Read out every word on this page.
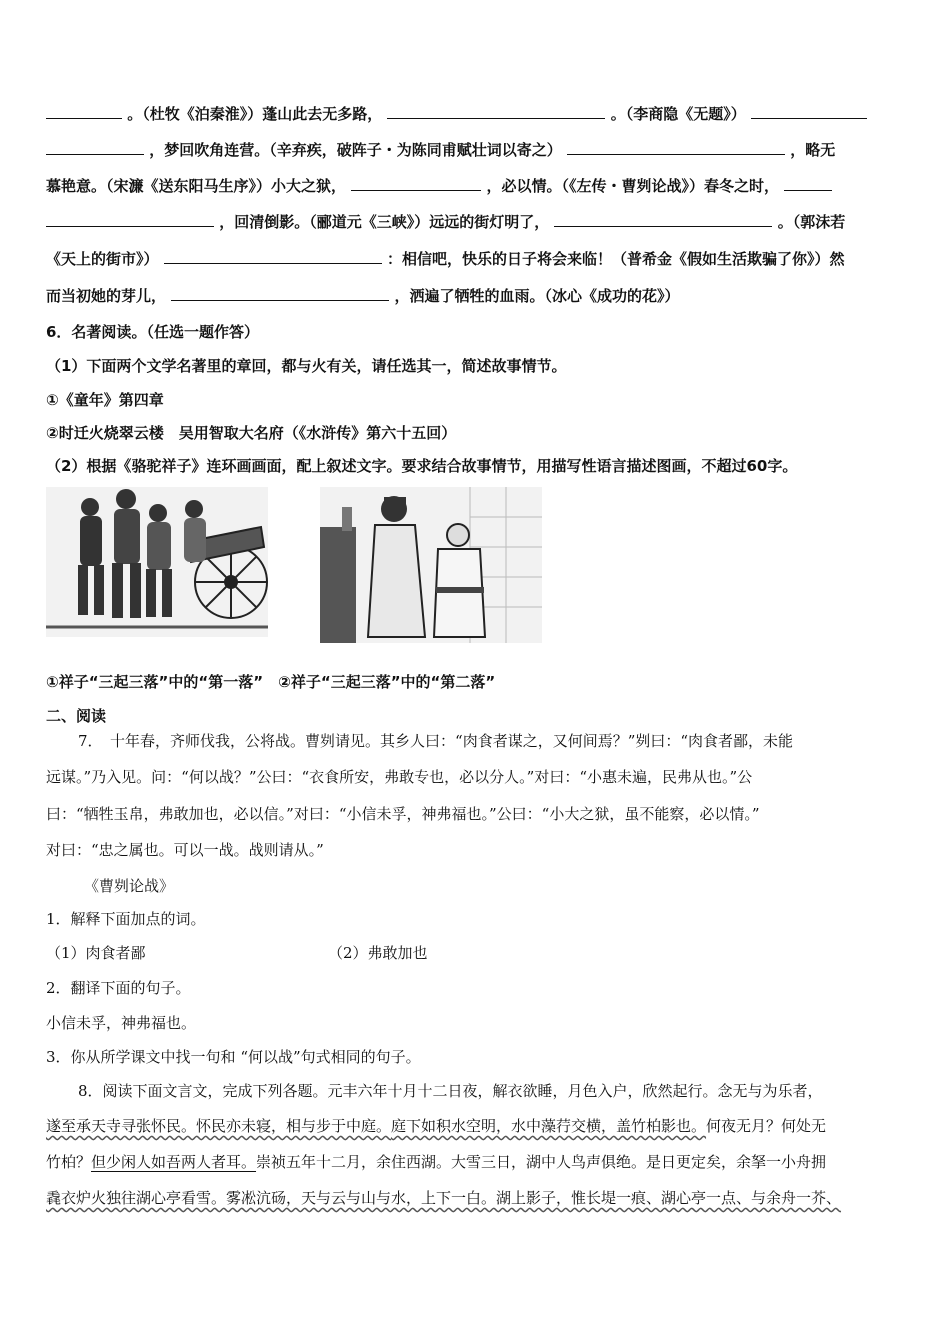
。（杜牧《泊秦淮》）蓬山此去无多路，	。（李商隐《无题》）
，梦回吹角连营。（辛弃疾，破阵子・为陈同甫赋壮词以寄之）	，略无
慕艳意。（宋濂《送东阳马生序》）小大之狱，	，必以情。（《左传・曹刿论战》）春冬之时，
，回清倒影。（郦道元《三峡》）远远的街灯明了，	。（郭沫若
《天上的街市》）	：相信吧，快乐的日子将会来临！（普希金《假如生活欺骗了你》）然
而当初她的芽儿，	，洒遍了牺牲的血雨。（冰心《成功的花》）
6．名著阅读。（任选一题作答）
（1）下面两个文学名著里的章回，都与火有关，请任选其一，简述故事情节。
①《童年》第四章
②时迁火烧翠云楼　吴用智取大名府（《水浒传》第六十五回）
（2）根据《骆驼祥子》连环画画面，配上叙述文字。要求结合故事情节，用描写性语言描述图画，不超过60字。
①祥子“三起三落”中的“第一落”　②祥子“三起三落”中的“第二落”
二、阅读
7．　十年春，齐师伐我，公将战。曹刿请见。其乡人曰：“肉食者谋之，又何间焉？”刿曰：“肉食者鄙，未能
远谋。”乃入见。问：“何以战？”公曰：“衣食所安，弗敢专也，必以分人。”对曰：“小惠未遍，民弗从也。”公
曰：“牺牲玉帛，弗敢加也，必以信。”对曰：“小信未孚，神弗福也。”公曰：“小大之狱，虽不能察，必以情。”
对曰：“忠之属也。可以一战。战则请从。”
《曹刿论战》
1．解释下面加点的词。
（1）肉食者鄙	（2）弗敢加也
2．翻译下面的句子。
小信未孚，神弗福也。
3．你从所学课文中找一句和 “何以战”句式相同的句子。
8．阅读下面文言文，完成下列各题。元丰六年十月十二日夜，解衣欲睡，月色入户，欣然起行。念无与为乐者，
遂至承天寺寻张怀民。怀民亦未寝，相与步于中庭。庭下如积水空明，水中藻荇交横，盖竹柏影也。何夜无月？何处无
竹柏？但少闲人如吾两人者耳。崇祯五年十二月，余住西湖。大雪三日，湖中人鸟声俱绝。是日更定矣，余拏一小舟拥
毳衣炉火独往湖心亭看雪。雾凇沆砀，天与云与山与水，上下一白。湖上影子，惟长堤一痕、湖心亭一点、与余舟一芥、
